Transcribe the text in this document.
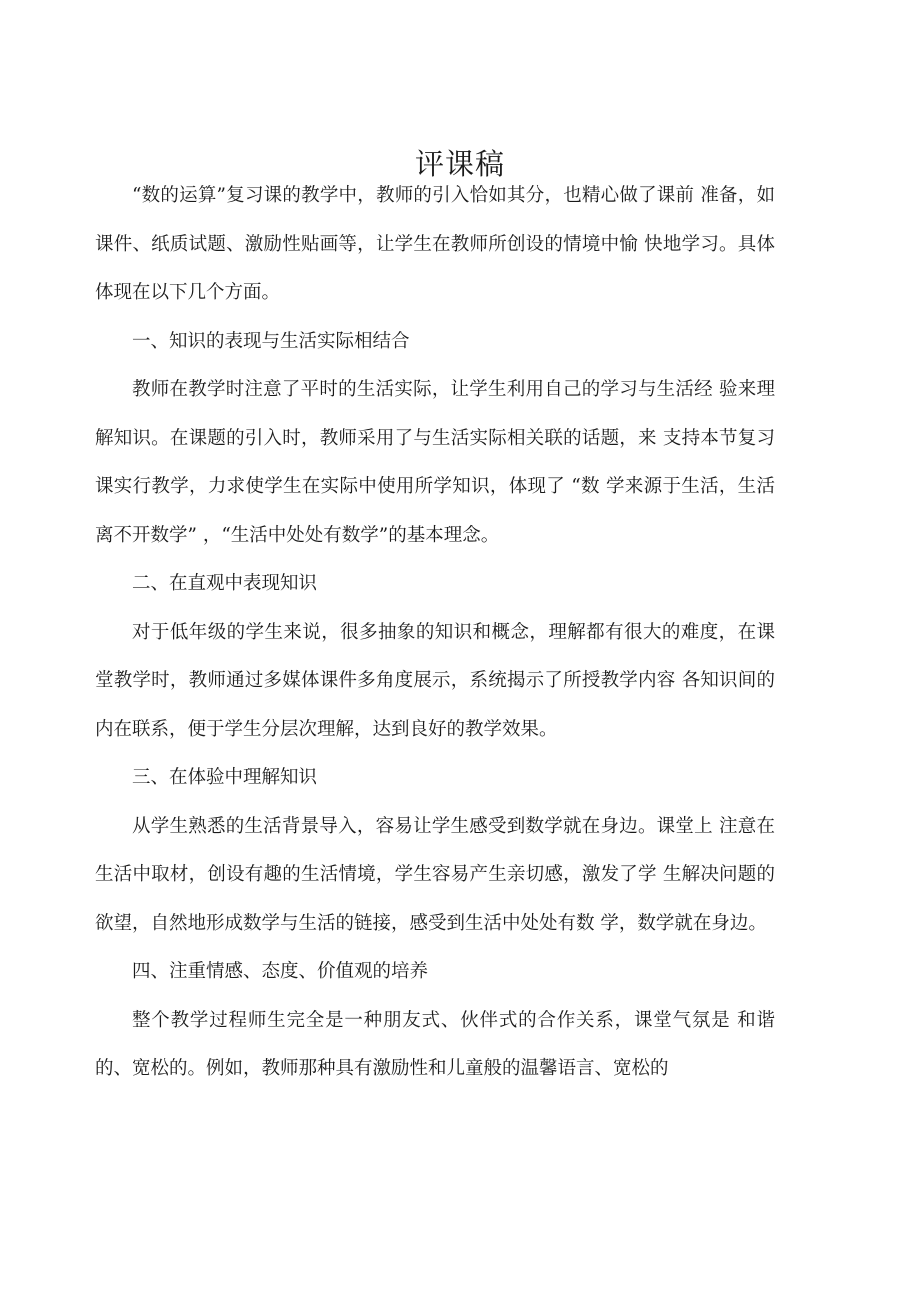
评课稿

“数的运算”复习课的教学中，教师的引入恰如其分，也精心做了课前 准备，如课件、纸质试题、激励性贴画等，让学生在教师所创设的情境中愉 快地学习。具体体现在以下几个方面。

一、知识的表现与生活实际相结合

教师在教学时注意了平时的生活实际，让学生利用自己的学习与生活经 验来理解知识。在课题的引入时，教师采用了与生活实际相关联的话题，来 支持本节复习课实行教学，力求使学生在实际中使用所学知识，体现了 “数 学来源于生活，生活离不开数学” ，“生活中处处有数学”的基本理念。

二、在直观中表现知识

对于低年级的学生来说，很多抽象的知识和概念，理解都有很大的难度，在课堂教学时，教师通过多媒体课件多角度展示，系统揭示了所授教学内容 各知识间的内在联系，便于学生分层次理解，达到良好的教学效果。

三、在体验中理解知识

从学生熟悉的生活背景导入，容易让学生感受到数学就在身边。课堂上 注意在生活中取材，创设有趣的生活情境，学生容易产生亲切感，激发了学 生解决问题的欲望，自然地形成数学与生活的链接，感受到生活中处处有数 学，数学就在身边。

四、注重情感、态度、价值观的培养

整个教学过程师生完全是一种朋友式、伙伴式的合作关系，课堂气氛是 和谐的、宽松的。例如，教师那种具有激励性和儿童般的温馨语言、宽松的
